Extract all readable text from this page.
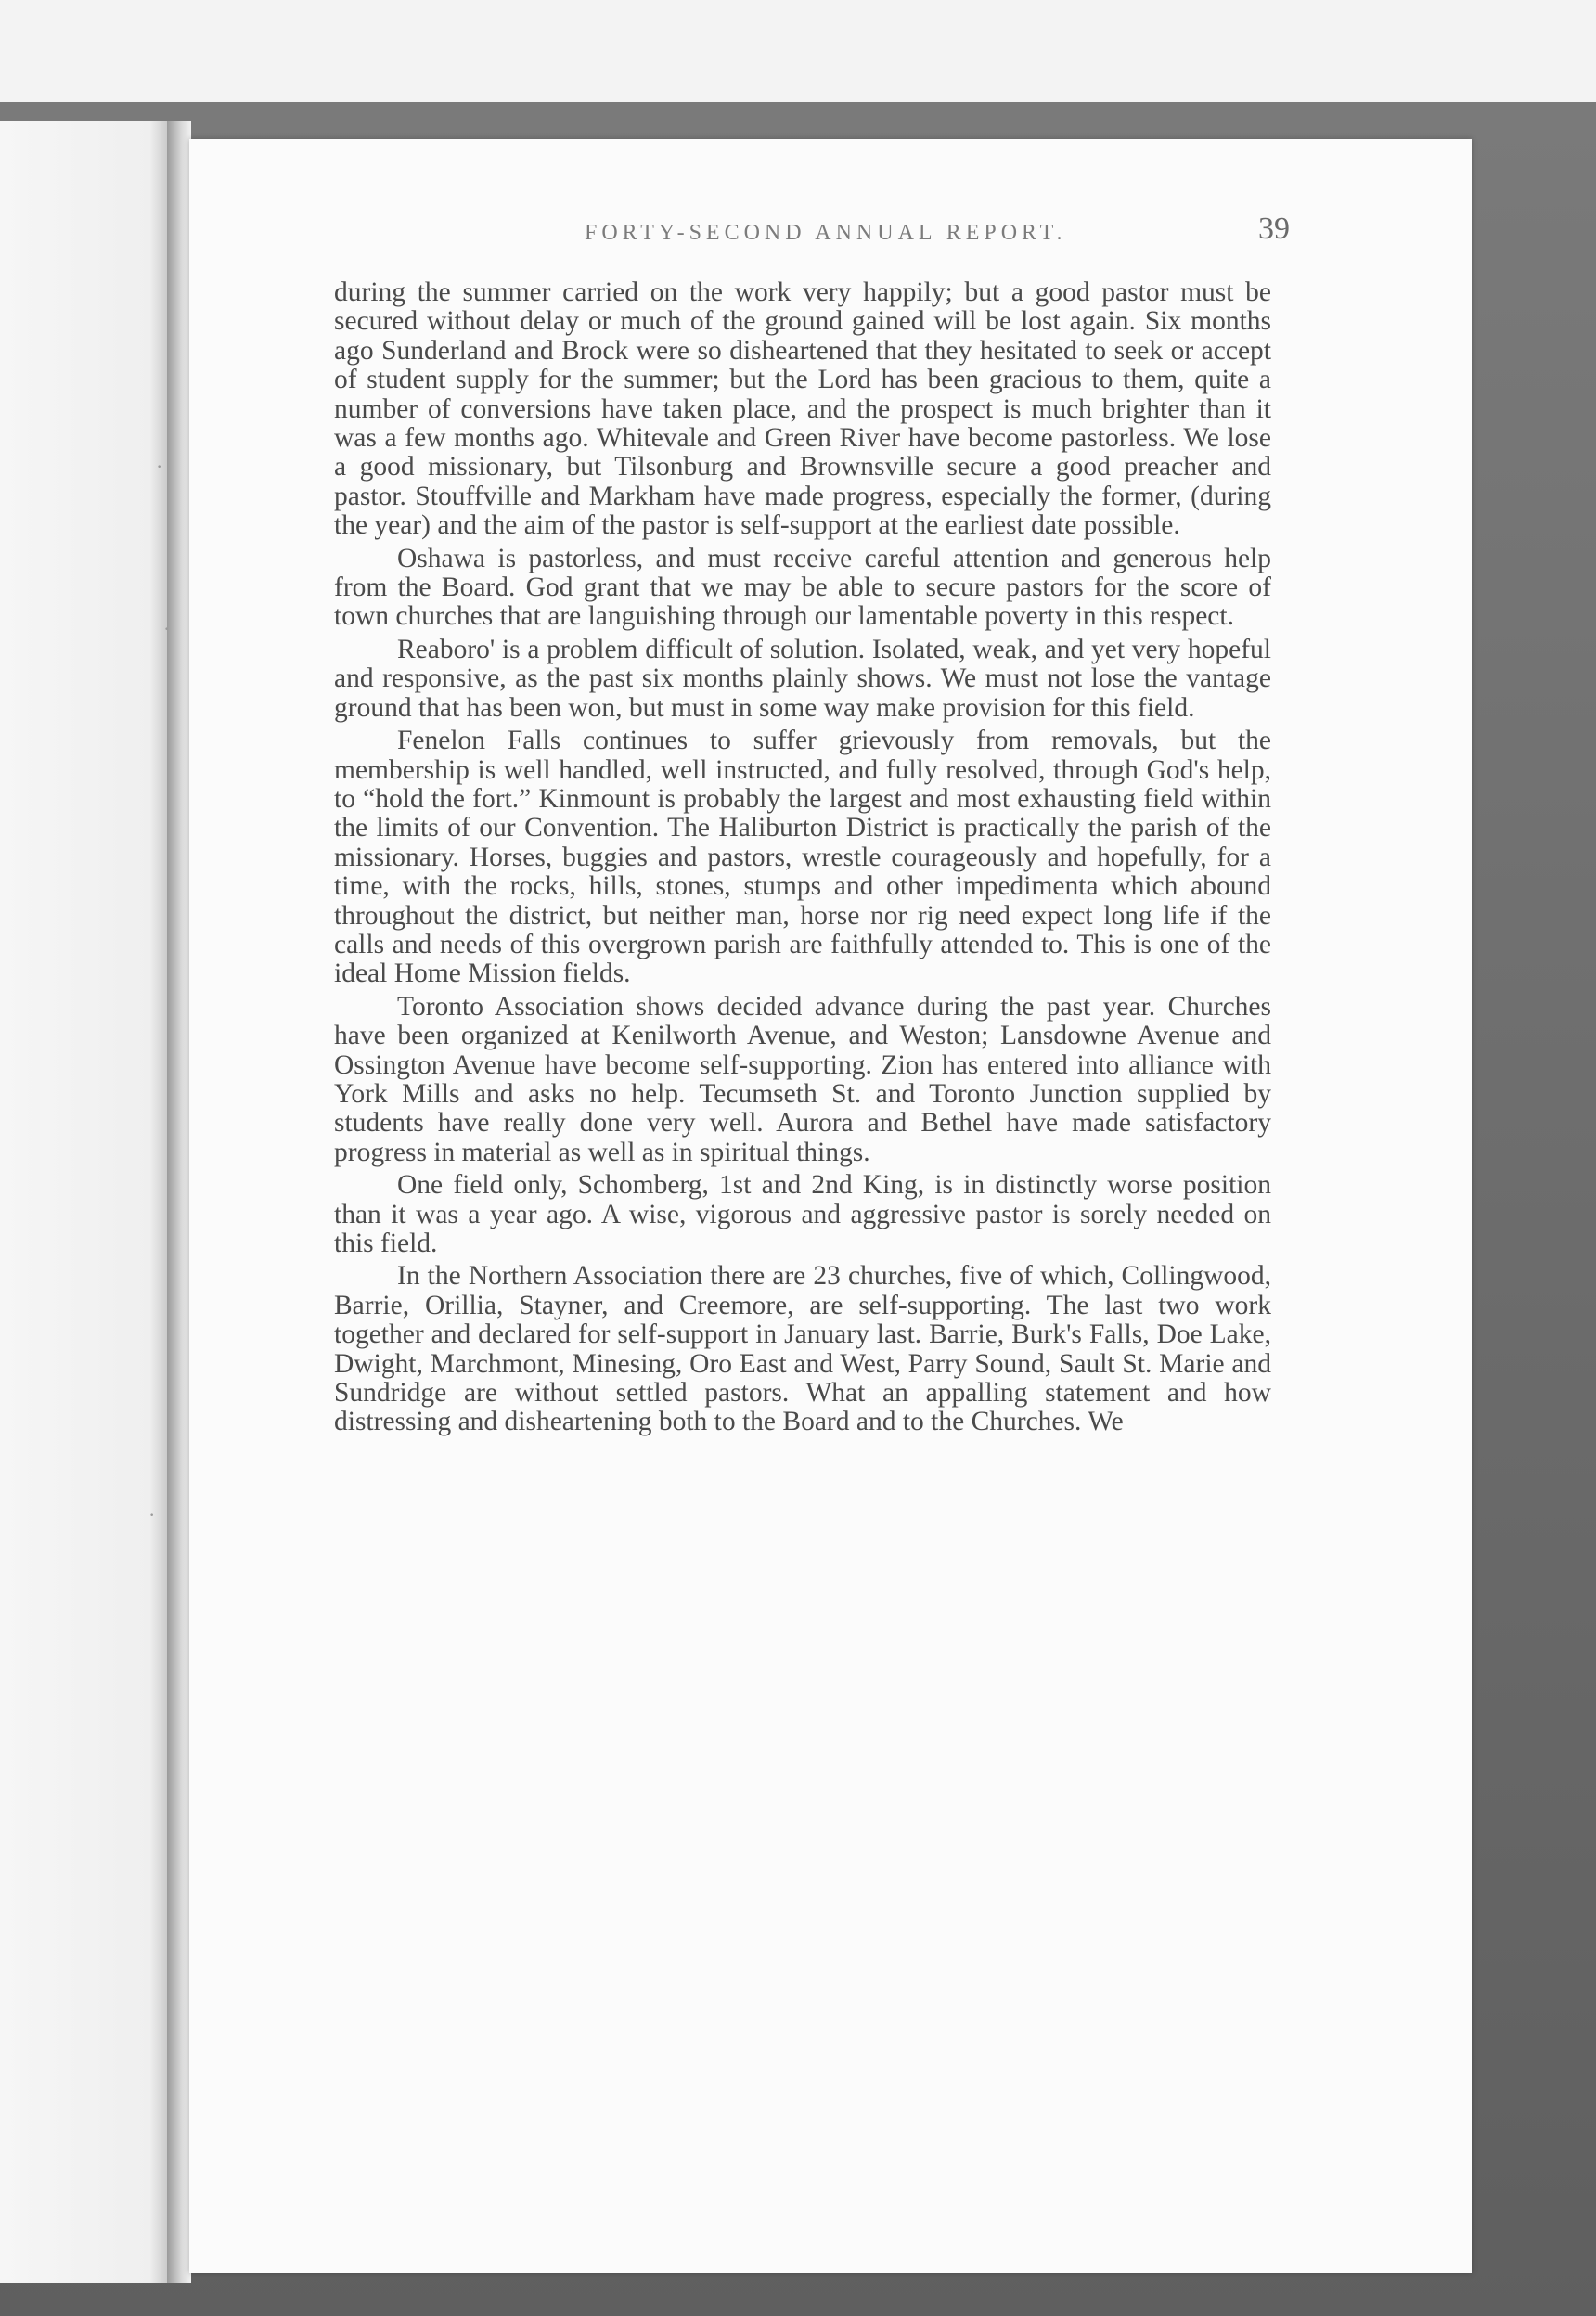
FORTY-SECOND ANNUAL REPORT.	39

during the summer carried on the work very happily; but a good pastor must be secured without delay or much of the ground gained will be lost again. Six months ago Sunderland and Brock were so disheartened that they hesitated to seek or accept of student supply for the summer; but the Lord has been gracious to them, quite a number of conversions have taken place, and the prospect is much brighter than it was a few months ago. Whitevale and Green River have become pastorless. We lose a good missionary, but Tilsonburg and Brownsville secure a good preacher and pastor. Stouffville and Markham have made progress, especially the former, (during the year) and the aim of the pastor is self-support at the earliest date possible.

Oshawa is pastorless, and must receive careful attention and generous help from the Board. God grant that we may be able to secure pastors for the score of town churches that are languishing through our lamentable poverty in this respect.

Reaboro' is a problem difficult of solution. Isolated, weak, and yet very hopeful and responsive, as the past six months plainly shows. We must not lose the vantage ground that has been won, but must in some way make provision for this field.

Fenelon Falls continues to suffer grievously from removals, but the membership is well handled, well instructed, and fully resolved, through God's help, to “hold the fort.” Kinmount is probably the largest and most exhausting field within the limits of our Convention. The Haliburton District is practically the parish of the missionary. Horses, buggies and pastors, wrestle courageously and hopefully, for a time, with the rocks, hills, stones, stumps and other impedimenta which abound throughout the district, but neither man, horse nor rig need expect long life if the calls and needs of this overgrown parish are faithfully attended to. This is one of the ideal Home Mission fields.

Toronto Association shows decided advance during the past year. Churches have been organized at Kenilworth Avenue, and Weston; Lansdowne Avenue and Ossington Avenue have become self-supporting. Zion has entered into alliance with York Mills and asks no help. Tecumseth St. and Toronto Junction supplied by students have really done very well. Aurora and Bethel have made satisfactory progress in material as well as in spiritual things.

One field only, Schomberg, 1st and 2nd King, is in distinctly worse position than it was a year ago. A wise, vigorous and aggressive pastor is sorely needed on this field.

In the Northern Association there are 23 churches, five of which, Collingwood, Barrie, Orillia, Stayner, and Creemore, are self-supporting. The last two work together and declared for self-support in January last. Barrie, Burk's Falls, Doe Lake, Dwight, Marchmont, Minesing, Oro East and West, Parry Sound, Sault St. Marie and Sundridge are without settled pastors. What an appalling statement and how distressing and disheartening both to the Board and to the Churches. We

·
·
·
